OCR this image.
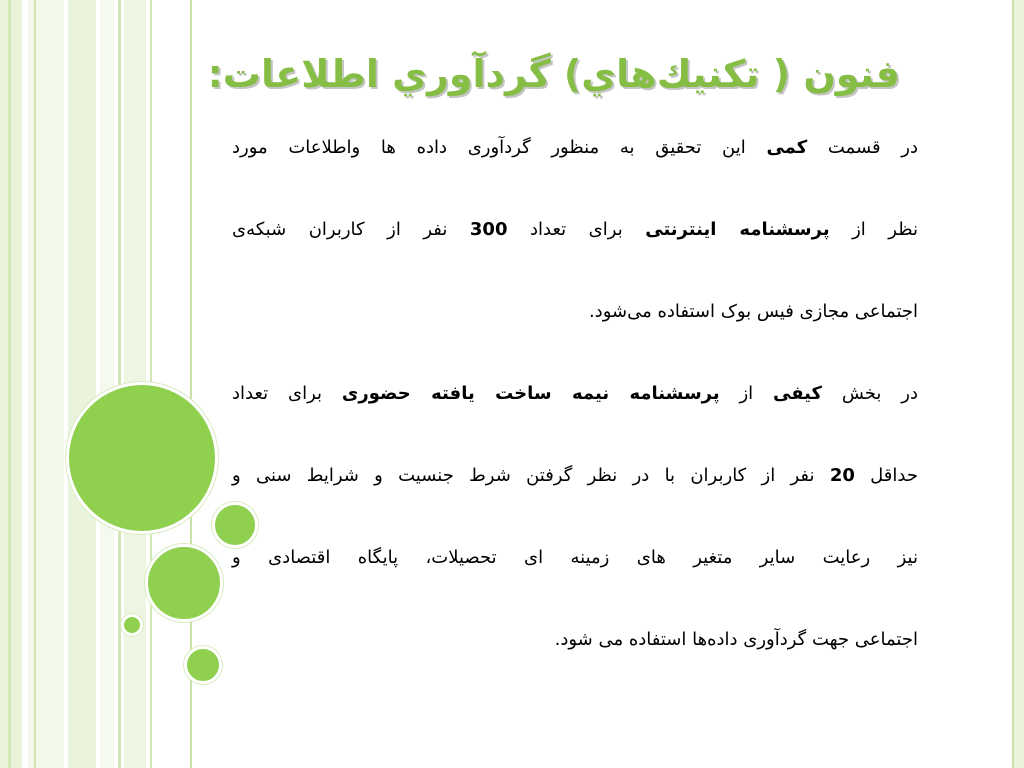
فنون ( تکنيك‌هاي) گردآوري اطلاعات:
در قسمت کمی این تحقیق به منظور گردآوری داده ها واطلاعات مورد
نظر از پرسشنامه اینترنتی برای تعداد 300 نفر از کاربران شبکه‌ی
اجتماعی مجازی فیس بوک استفاده می‌شود.
در بخش کیفی از پرسشنامه نیمه ساخت یافته حضوری برای تعداد
حداقل 20 نفر از کاربران با در نظر گرفتن شرط جنسیت و شرایط سنی و
نیز رعایت سایر متغیر های زمینه ای تحصیلات، پایگاه اقتصادی و
اجتماعی جهت گردآوری داده‌ها استفاده می شود.
